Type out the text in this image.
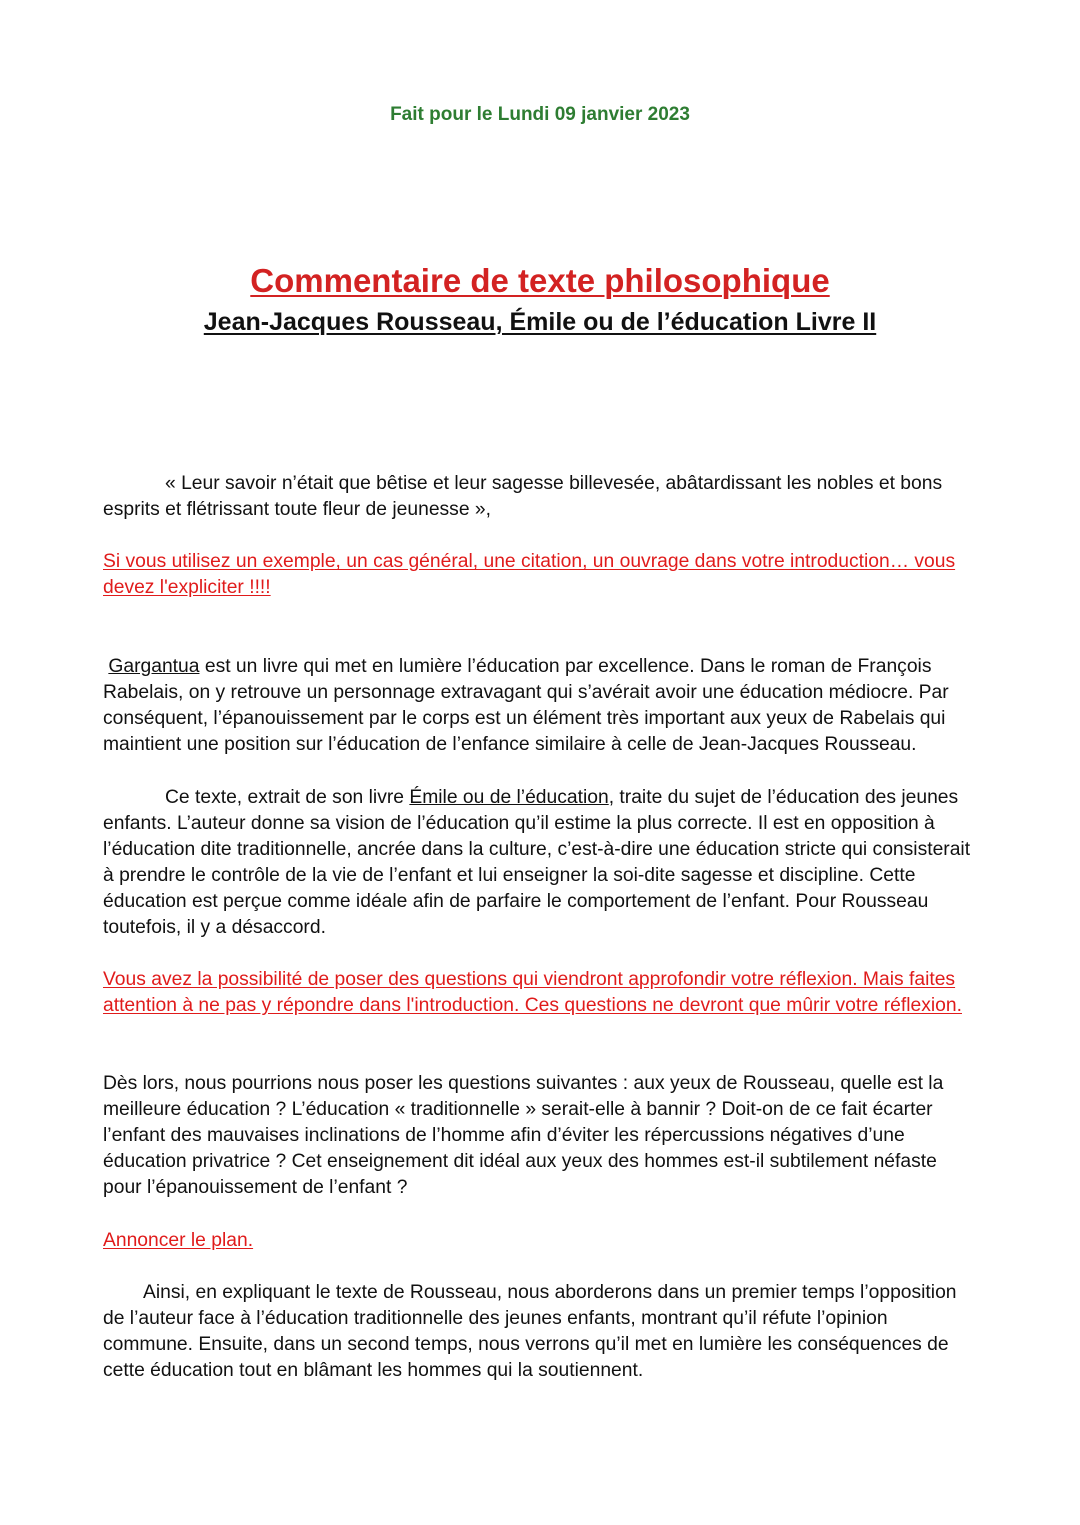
Fait pour le Lundi 09 janvier 2023
Commentaire de texte philosophique
Jean-Jacques Rousseau, Émile ou de l’éducation Livre II

« Leur savoir n’était que bêtise et leur sagesse billevesée, abâtardissant les nobles et bons esprits et flétrissant toute fleur de jeunesse »,

Si vous utilisez un exemple, un cas général, une citation, un ouvrage dans votre introduction… vous devez l'expliciter !!!!

Gargantua est un livre qui met en lumière l’éducation par excellence. Dans le roman de François Rabelais, on y retrouve un personnage extravagant qui s’avérait avoir une éducation médiocre. Par conséquent, l’épanouissement par le corps est un élément très important aux yeux de Rabelais qui maintient une position sur l’éducation de l’enfance similaire à celle de Jean-Jacques Rousseau.

Ce texte, extrait de son livre Émile ou de l’éducation, traite du sujet de l’éducation des jeunes enfants. L’auteur donne sa vision de l’éducation qu’il estime la plus correcte. Il est en opposition à l’éducation dite traditionnelle, ancrée dans la culture, c’est-à-dire une éducation stricte qui consisterait à prendre le contrôle de la vie de l’enfant et lui enseigner la soi-dite sagesse et discipline. Cette éducation est perçue comme idéale afin de parfaire le comportement de l’enfant. Pour Rousseau toutefois, il y a désaccord.

Vous avez la possibilité de poser des questions qui viendront approfondir votre réflexion. Mais faites attention à ne pas y répondre dans l'introduction. Ces questions ne devront que mûrir votre réflexion.

Dès lors, nous pourrions nous poser les questions suivantes : aux yeux de Rousseau, quelle est la meilleure éducation ? L’éducation « traditionnelle » serait-elle à bannir ? Doit-on de ce fait écarter l’enfant des mauvaises inclinations de l’homme afin d’éviter les répercussions négatives d’une éducation privatrice ? Cet enseignement dit idéal aux yeux des hommes est-il subtilement néfaste pour l’épanouissement de l’enfant ?

Annoncer le plan.

Ainsi, en expliquant le texte de Rousseau, nous aborderons dans un premier temps l’opposition de l’auteur face à l’éducation traditionnelle des jeunes enfants, montrant qu’il réfute l’opinion commune. Ensuite, dans un second temps, nous verrons qu’il met en lumière les conséquences de cette éducation tout en blâmant les hommes qui la soutiennent.
